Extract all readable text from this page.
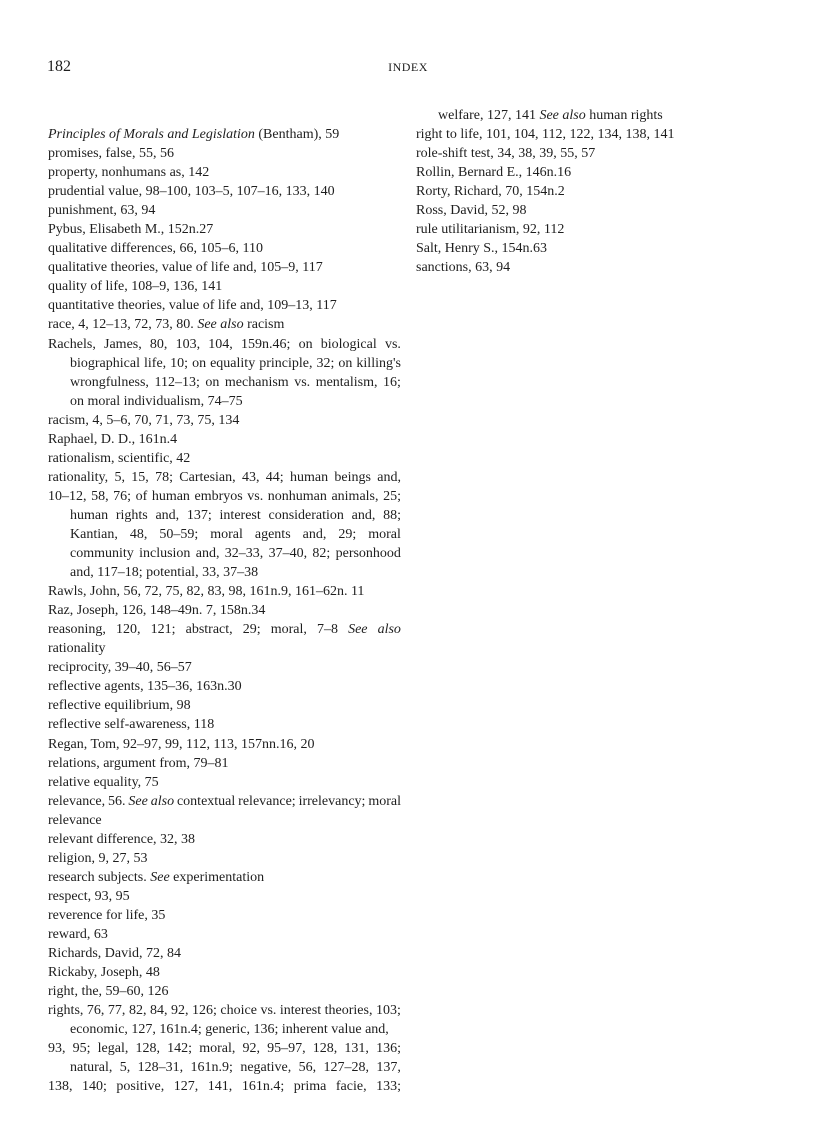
182	INDEX
Principles of Morals and Legislation (Bentham), 59
promises, false, 55, 56
property, nonhumans as, 142
prudential value, 98–100, 103–5, 107–16, 133, 140
punishment, 63, 94
Pybus, Elisabeth M., 152n.27
qualitative differences, 66, 105–6, 110
qualitative theories, value of life and, 105–9, 117
quality of life, 108–9, 136, 141
quantitative theories, value of life and, 109–13, 117
race, 4, 12–13, 72, 73, 80. See also racism
Rachels, James, 80, 103, 104, 159n.46; on biological vs.
biographical life, 10; on equality principle, 32; on killing's
wrongfulness, 112–13; on mechanism vs. mentalism, 16;
on moral individualism, 74–75
racism, 4, 5–6, 70, 71, 73, 75, 134
Raphael, D. D., 161n.4
rationalism, scientific, 42
rationality, 5, 15, 78; Cartesian, 43, 44; human beings and,
10–12, 58, 76; of human embryos vs. nonhuman animals, 25;
human rights and, 137; interest consideration and, 88;
Kantian, 48, 50–59; moral agents and, 29; moral
community inclusion and, 32–33, 37–40, 82; personhood
and, 117–18; potential, 33, 37–38
Rawls, John, 56, 72, 75, 82, 83, 98, 161n.9, 161–62n. 11
Raz, Joseph, 126, 148–49n. 7, 158n.34
reasoning, 120, 121; abstract, 29; moral, 7–8 See also
rationality
reciprocity, 39–40, 56–57
reflective agents, 135–36, 163n.30
reflective equilibrium, 98
reflective self-awareness, 118
Regan, Tom, 92–97, 99, 112, 113, 157nn.16, 20
relations, argument from, 79–81
relative equality, 75
relevance, 56. See also contextual relevance; irrelevancy; moral
relevance
relevant difference, 32, 38
religion, 9, 27, 53
research subjects. See experimentation
respect, 93, 95
reverence for life, 35
reward, 63
Richards, David, 72, 84
Rickaby, Joseph, 48
right, the, 59–60, 126
rights, 76, 77, 82, 84, 92, 126; choice vs. interest theories, 103;
economic, 127, 161n.4; generic, 136; inherent value and,
93, 95; legal, 128, 142; moral, 92, 95–97, 128, 131, 136;
natural, 5, 128–31, 161n.9; negative, 56, 127–28, 137,
138, 140; positive, 127, 141, 161n.4; prima facie, 133;
welfare, 127, 141 See also human rights
right to life, 101, 104, 112, 122, 134, 138, 141
role-shift test, 34, 38, 39, 55, 57
Rollin, Bernard E., 146n.16
Rorty, Richard, 70, 154n.2
Ross, David, 52, 98
rule utilitarianism, 92, 112
Salt, Henry S., 154n.63
sanctions, 63, 94
